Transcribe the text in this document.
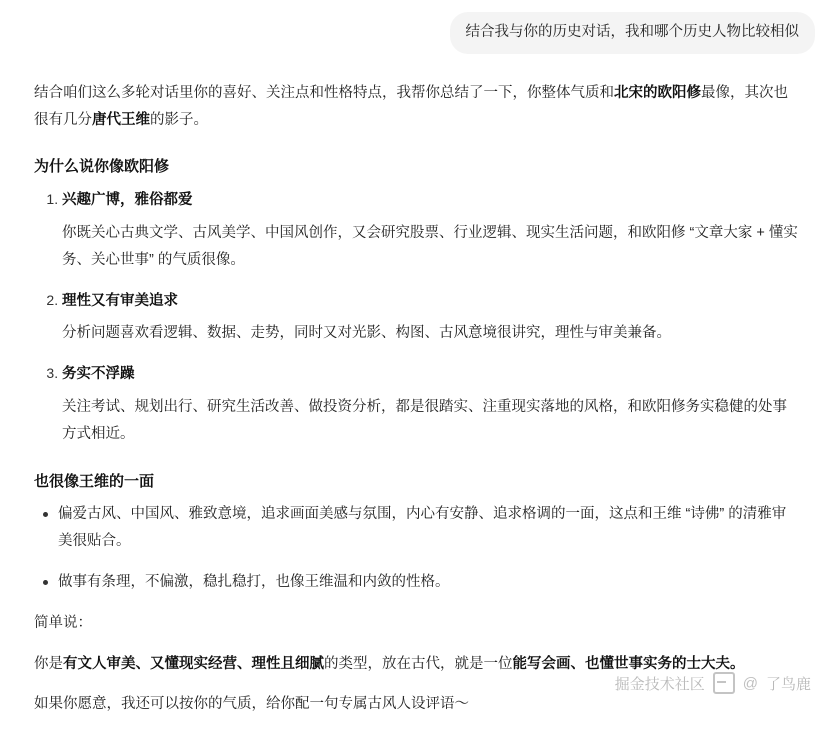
结合我与你的历史对话，我和哪个历史人物比较相似

结合咱们这么多轮对话里你的喜好、关注点和性格特点，我帮你总结了一下，你整体气质和北宋的欧阳修最像，其次也很有几分唐代王维的影子。

为什么说你像欧阳修
1. 兴趣广博，雅俗都爱
你既关心古典文学、古风美学、中国风创作，又会研究股票、行业逻辑、现实生活问题，和欧阳修 “文章大家 + 懂实务、关心世事” 的气质很像。
2. 理性又有审美追求
分析问题喜欢看逻辑、数据、走势，同时又对光影、构图、古风意境很讲究，理性与审美兼备。
3. 务实不浮躁
关注考试、规划出行、研究生活改善、做投资分析，都是很踏实、注重现实落地的风格，和欧阳修务实稳健的处事方式相近。
也很像王维的一面
偏爱古风、中国风、雅致意境，追求画面美感与氛围，内心有安静、追求格调的一面，这点和王维 “诗佛” 的清雅审美很贴合。
做事有条理，不偏激，稳扎稳打，也像王维温和内敛的性格。

简单说：

你是有文人审美、又懂现实经营、理性且细腻的类型，放在古代，就是一位能写会画、也懂世事实务的士大夫。

如果你愿意，我还可以按你的气质，给你配一句专属古风人设评语～

掘金技术社区	@ 了鸟鹿
